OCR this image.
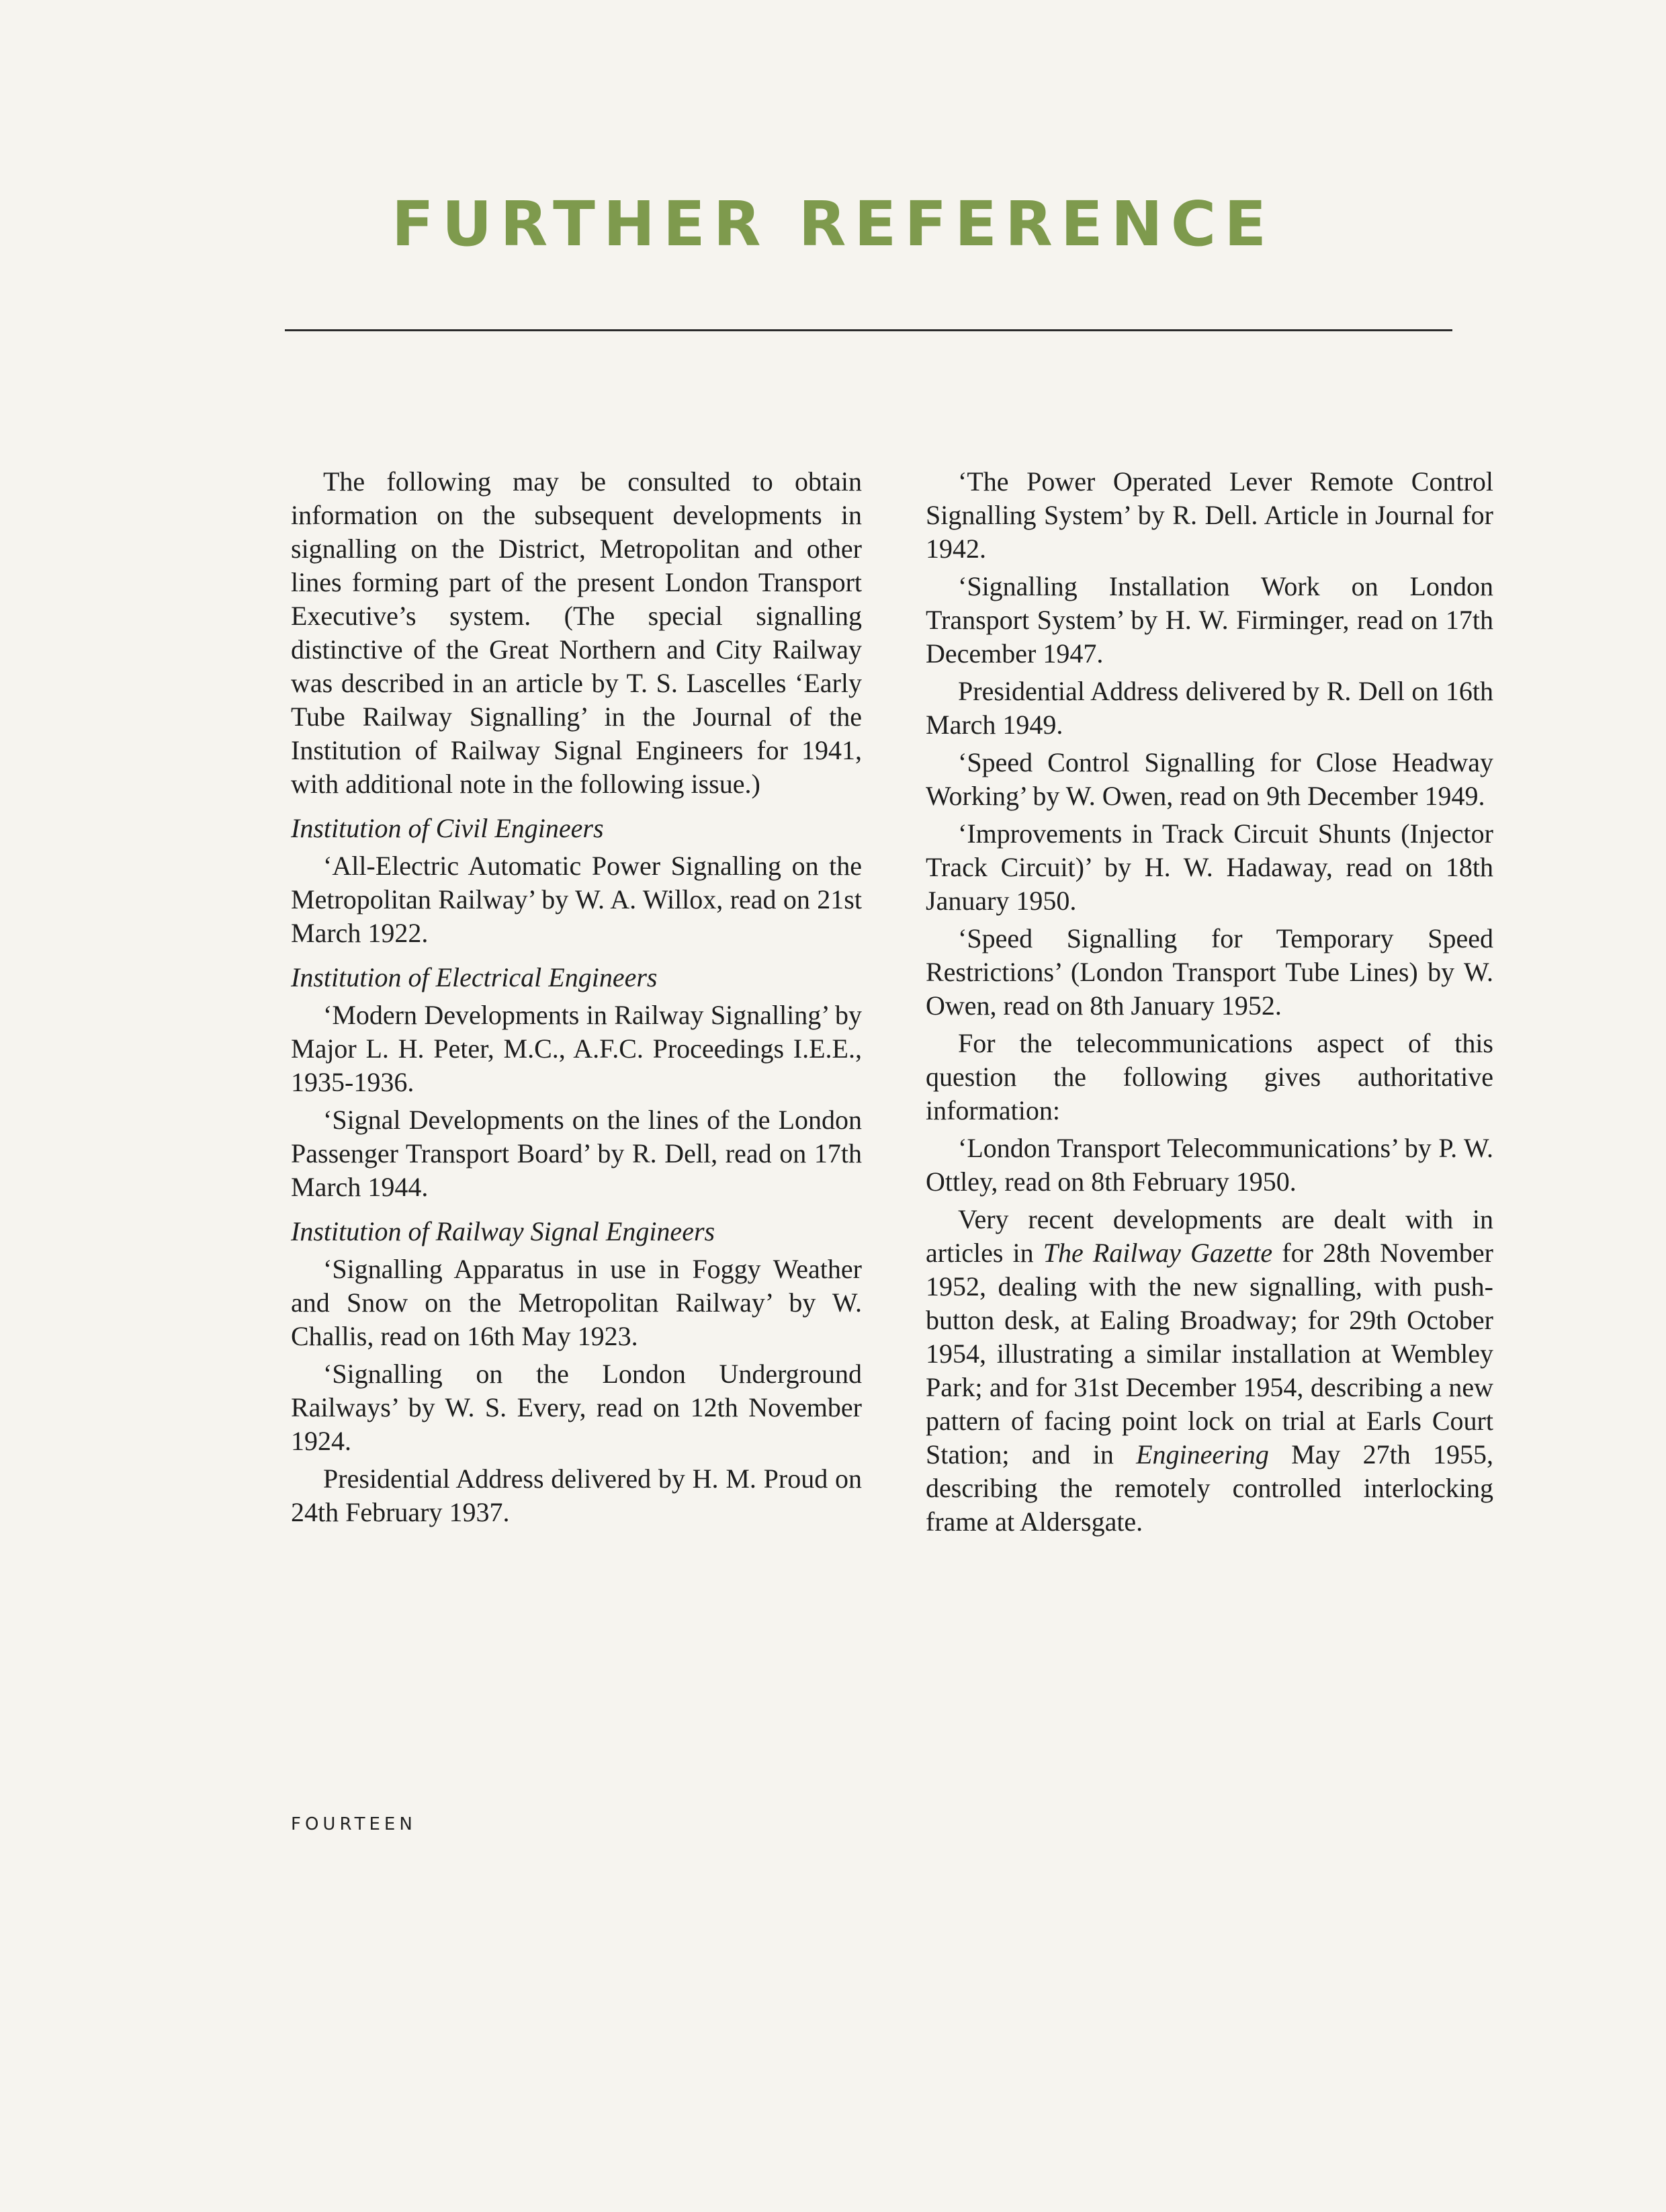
FURTHER REFERENCE

The following may be consulted to obtain information on the subsequent developments in signalling on the District, Metropolitan and other lines forming part of the present London Transport Executive’s system. (The special signalling distinctive of the Great Northern and City Railway was described in an article by T. S. Lascelles ‘Early Tube Railway Signalling’ in the Journal of the Institution of Railway Signal Engineers for 1941, with additional note in the following issue.)

Institution of Civil Engineers

‘All-Electric Automatic Power Signalling on the Metropolitan Railway’ by W. A. Willox, read on 21st March 1922.

Institution of Electrical Engineers

‘Modern Developments in Railway Signalling’ by Major L. H. Peter, M.C., A.F.C. Proceedings I.E.E., 1935-1936.

‘Signal Developments on the lines of the London Passenger Transport Board’ by R. Dell, read on 17th March 1944.

Institution of Railway Signal Engineers

‘Signalling Apparatus in use in Foggy Weather and Snow on the Metropolitan Railway’ by W. Challis, read on 16th May 1923.

‘Signalling on the London Underground Railways’ by W. S. Every, read on 12th November 1924.

Presidential Address delivered by H. M. Proud on 24th February 1937.

‘The Power Operated Lever Remote Control Signalling System’ by R. Dell. Article in Journal for 1942.

‘Signalling Installation Work on London Transport System’ by H. W. Firminger, read on 17th December 1947.

Presidential Address delivered by R. Dell on 16th March 1949.

‘Speed Control Signalling for Close Headway Working’ by W. Owen, read on 9th December 1949.

‘Improvements in Track Circuit Shunts (Injector Track Circuit)’ by H. W. Hadaway, read on 18th January 1950.

‘Speed Signalling for Temporary Speed Restrictions’ (London Transport Tube Lines) by W. Owen, read on 8th January 1952.

For the telecommunications aspect of this question the following gives authoritative information:

‘London Transport Telecommunications’ by P. W. Ottley, read on 8th February 1950.

Very recent developments are dealt with in articles in The Railway Gazette for 28th November 1952, dealing with the new signalling, with push-button desk, at Ealing Broadway; for 29th October 1954, illustrating a similar installation at Wembley Park; and for 31st December 1954, describing a new pattern of facing point lock on trial at Earls Court Station; and in Engineering May 27th 1955, describing the remotely controlled interlocking frame at Aldersgate.

FOURTEEN
